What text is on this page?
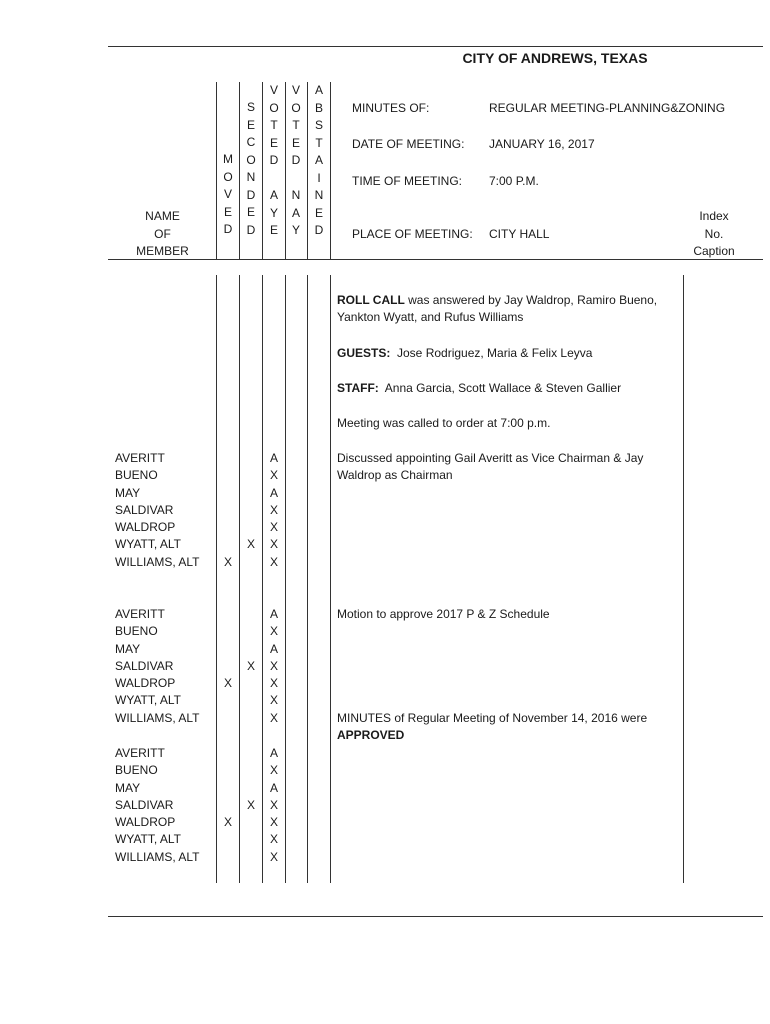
CITY OF ANDREWS, TEXAS
M
O
V
E
D
S
E
C
O
N
D
E
D
V
O
T
E
D
A
Y
E
V
O
T
E
D
N
A
Y
A
B
S
T
A
I
N
E
D
NAME
OF
MEMBER
MINUTES OF:	REGULAR MEETING-PLANNING&ZONING
DATE OF MEETING: JANUARY 16, 2017
TIME OF MEETING: 7:00 P.M.
PLACE OF MEETING: CITY HALL
Index
No.
Caption
ROLL CALL was answered by Jay Waldrop, Ramiro Bueno, Yankton Wyatt, and Rufus Williams
GUESTS:  Jose Rodriguez, Maria & Felix Leyva
STAFF:  Anna Garcia, Scott Wallace & Steven Gallier
Meeting was called to order at 7:00 p.m.
Discussed appointing Gail Averitt as Vice Chairman & Jay Waldrop as Chairman
Motion to approve 2017 P & Z Schedule
MINUTES of Regular Meeting of November 14, 2016 were APPROVED
AVERITT
BUENO
MAY
SALDIVAR
WALDROP
WYATT, ALT
WILLIAMS, ALT	X
X
A
X
A
X
X
X
X
AVERITT
BUENO
MAY
SALDIVAR
WALDROP
WYATT, ALT
WILLIAMS, ALT
X
X
A
X
A
X
X
X
X
AVERITT
BUENO
MAY
SALDIVAR
WALDROP
WYATT, ALT
WILLIAMS, ALT
X
X
A
X
A
X
X
X
X
